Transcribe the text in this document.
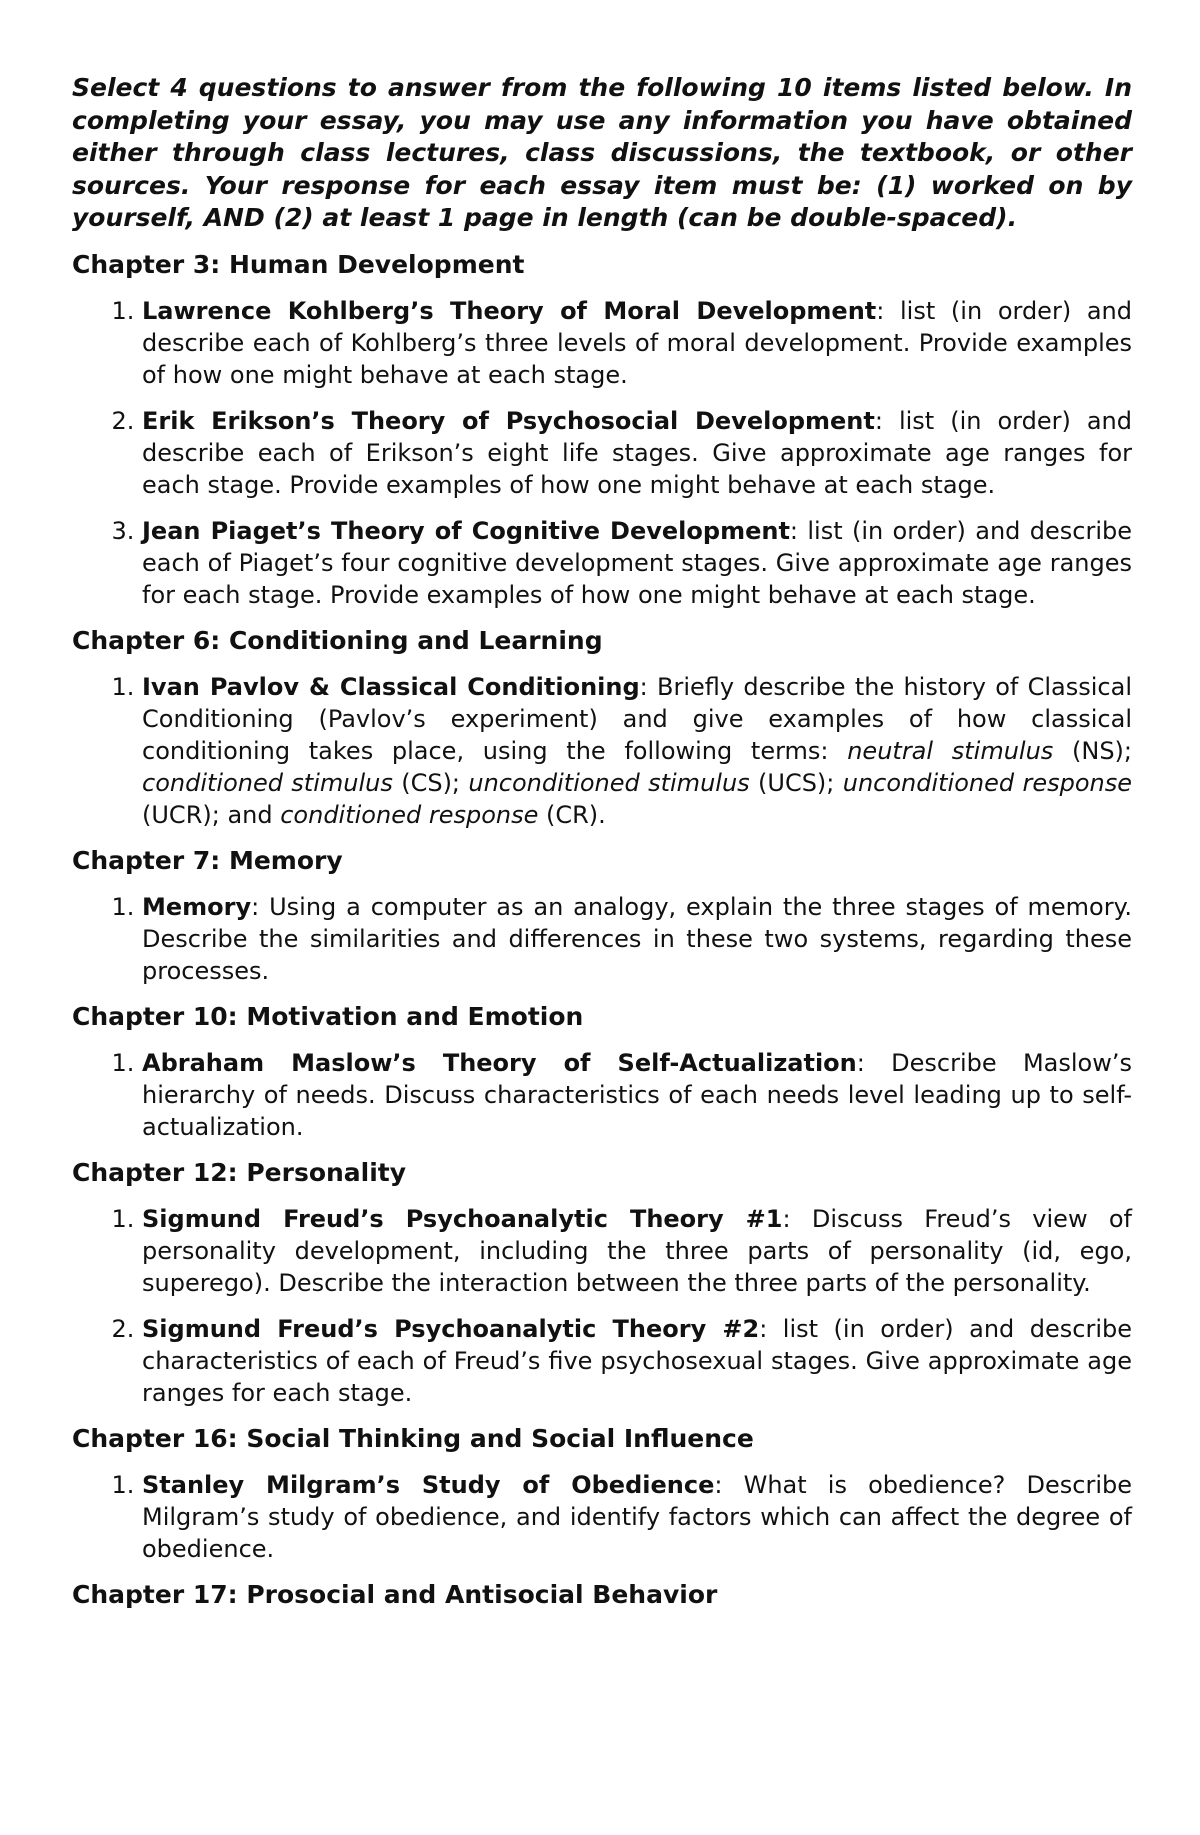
Select 4 questions to answer from the following 10 items listed below. In completing your essay, you may use any information you have obtained either through class lectures, class discussions, the textbook, or other sources. Your response for each essay item must be: (1) worked on by yourself, AND (2) at least 1 page in length (can be double-spaced).

Chapter 3: Human Development
1. Lawrence Kohlberg’s Theory of Moral Development: list (in order) and describe each of Kohlberg’s three levels of moral development. Provide examples of how one might behave at each stage.
2. Erik Erikson’s Theory of Psychosocial Development: list (in order) and describe each of Erikson’s eight life stages. Give approximate age ranges for each stage. Provide examples of how one might behave at each stage.
3. Jean Piaget’s Theory of Cognitive Development: list (in order) and describe each of Piaget’s four cognitive development stages. Give approximate age ranges for each stage. Provide examples of how one might behave at each stage.
Chapter 6: Conditioning and Learning
1. Ivan Pavlov & Classical Conditioning: Briefly describe the history of Classical Conditioning (Pavlov’s experiment) and give examples of how classical conditioning takes place, using the following terms: neutral stimulus (NS); conditioned stimulus (CS); unconditioned stimulus (UCS); unconditioned response (UCR); and conditioned response (CR).
Chapter 7: Memory
1. Memory: Using a computer as an analogy, explain the three stages of memory. Describe the similarities and differences in these two systems, regarding these processes.
Chapter 10: Motivation and Emotion
1. Abraham Maslow’s Theory of Self-Actualization: Describe Maslow’s hierarchy of needs. Discuss characteristics of each needs level leading up to self-actualization.
Chapter 12: Personality
1. Sigmund Freud’s Psychoanalytic Theory #1: Discuss Freud’s view of personality development, including the three parts of personality (id, ego, superego). Describe the interaction between the three parts of the personality.
2. Sigmund Freud’s Psychoanalytic Theory #2: list (in order) and describe characteristics of each of Freud’s five psychosexual stages. Give approximate age ranges for each stage.
Chapter 16: Social Thinking and Social Influence
1. Stanley Milgram’s Study of Obedience: What is obedience? Describe Milgram’s study of obedience, and identify factors which can affect the degree of obedience.
Chapter 17: Prosocial and Antisocial Behavior
